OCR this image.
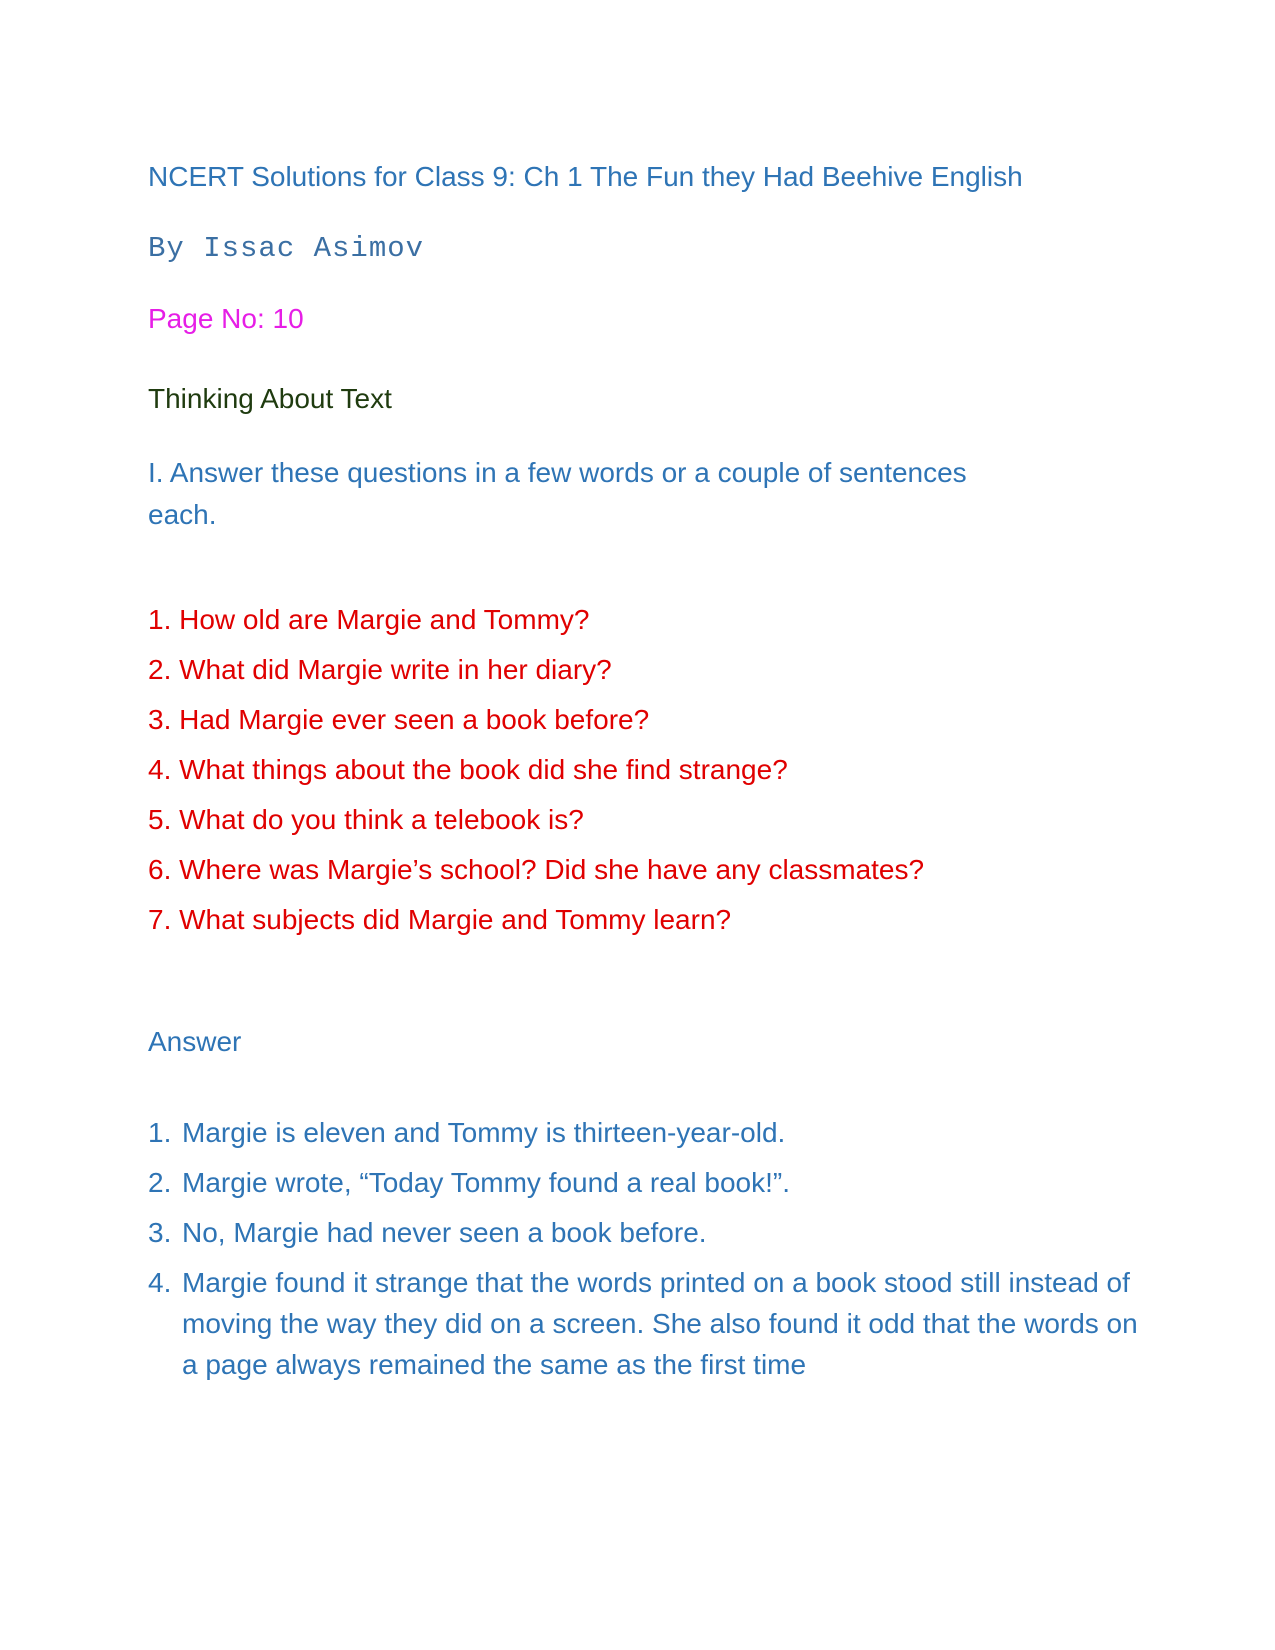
NCERT Solutions for Class 9: Ch 1 The Fun they Had Beehive English
By Issac Asimov
Page No: 10
Thinking About Text
I. Answer these questions in a few words or a couple of sentences
each.
1. How old are Margie and Tommy?
2. What did Margie write in her diary?
3. Had Margie ever seen a book before?
4. What things about the book did she find strange?
5. What do you think a telebook is?
6. Where was Margie’s school? Did she have any classmates?
7. What subjects did Margie and Tommy learn?
Answer
1. Margie is eleven and Tommy is thirteen-year-old.
2. Margie wrote, “Today Tommy found a real book!”.
3. No, Margie had never seen a book before.
4. Margie found it strange that the words printed on a book stood still instead of moving the way they did on a screen. She also found it odd that the words on a page always remained the same as the first time
